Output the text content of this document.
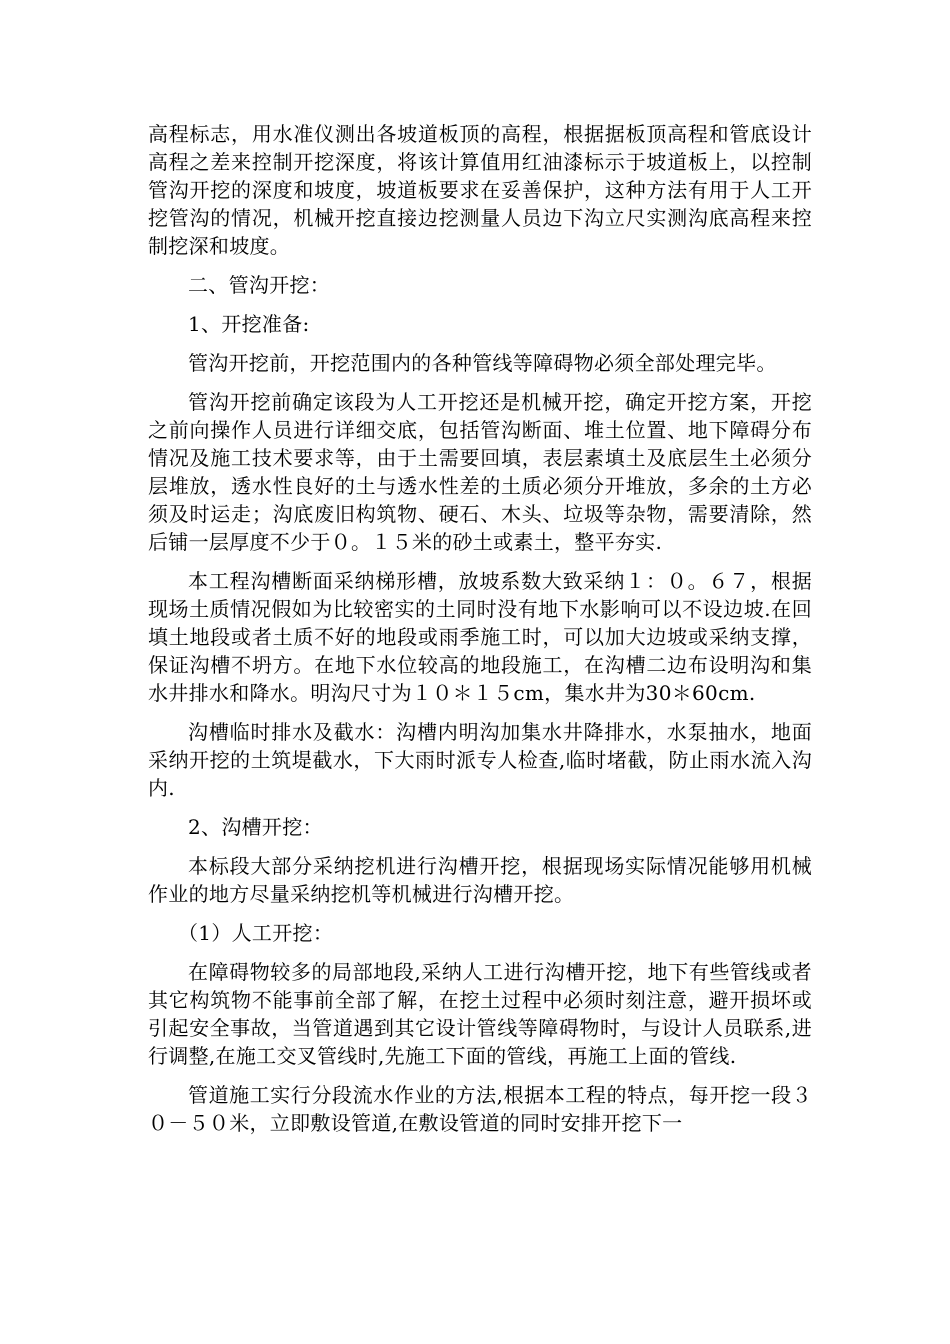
高程标志，用水准仪测出各坡道板顶的高程，根据据板顶高程和管底设计高程之差来控制开挖深度，将该计算值用红油漆标示于坡道板上，以控制管沟开挖的深度和坡度，坡道板要求在妥善保护，这种方法有用于人工开挖管沟的情况，机械开挖直接边挖测量人员边下沟立尺实测沟底高程来控制挖深和坡度。

二、管沟开挖：

1、开挖准备:

管沟开挖前，开挖范围内的各种管线等障碍物必须全部处理完毕。

管沟开挖前确定该段为人工开挖还是机械开挖，确定开挖方案，开挖之前向操作人员进行详细交底，包括管沟断面、堆土位置、地下障碍分布情况及施工技术要求等，由于土需要回填，表层素填土及底层生土必须分层堆放，透水性良好的土与透水性差的土质必须分开堆放，多余的土方必须及时运走；沟底废旧构筑物、硬石、木头、垃圾等杂物，需要清除，然后铺一层厚度不少于０。１５米的砂土或素土，整平夯实.

本工程沟槽断面采纳梯形槽，放坡系数大致采纳１：０。６７，根据现场土质情况假如为比较密实的土同时没有地下水影响可以不设边坡.在回填土地段或者土质不好的地段或雨季施工时，可以加大边坡或采纳支撑，保证沟槽不坍方。在地下水位较高的地段施工，在沟槽二边布设明沟和集水井排水和降水。明沟尺寸为１０＊１５cm，集水井为30＊60cm.

沟槽临时排水及截水：沟槽内明沟加集水井降排水，水泵抽水，地面采纳开挖的土筑堤截水，下大雨时派专人检查,临时堵截，防止雨水流入沟内.

2、沟槽开挖：

本标段大部分采纳挖机进行沟槽开挖，根据现场实际情况能够用机械作业的地方尽量采纳挖机等机械进行沟槽开挖。

（1）人工开挖：

在障碍物较多的局部地段,采纳人工进行沟槽开挖，地下有些管线或者其它构筑物不能事前全部了解，在挖土过程中必须时刻注意，避开损坏或引起安全事故，当管道遇到其它设计管线等障碍物时，与设计人员联系,进行调整,在施工交叉管线时,先施工下面的管线，再施工上面的管线.

管道施工实行分段流水作业的方法,根据本工程的特点，每开挖一段３０－５０米，立即敷设管道,在敷设管道的同时安排开挖下一
